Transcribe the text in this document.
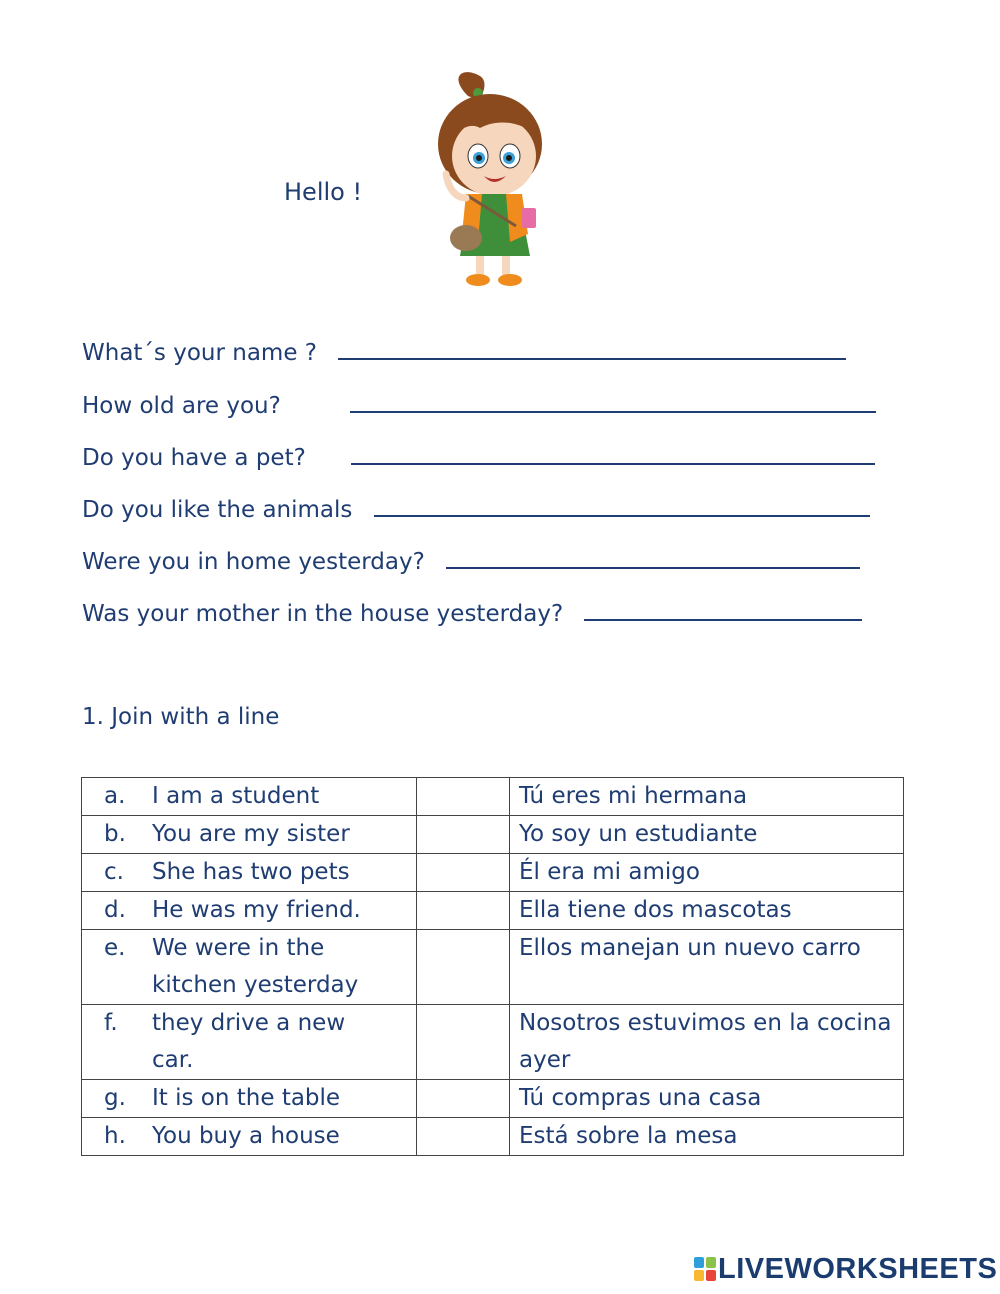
Hello !
What´s your name ?
How old are you?
Do you have a pet?
Do you like the animals
Were you in home yesterday?
Was your mother in the house yesterday?
1. Join with a line
a. I am a student		Tú eres mi hermana

b. You are my sister		Yo soy un estudiante

c. She has two pets		Él era mi amigo

d. He was my friend.		Ella tiene dos mascotas

e. We were in the kitchen yesterday		Ellos manejan un nuevo carro

f. they drive a new car.		Nosotros estuvimos en la cocina ayer

g. It is on the table		Tú compras una casa

h. You buy a house		Está sobre la mesa
LIVEWORKSHEETS
